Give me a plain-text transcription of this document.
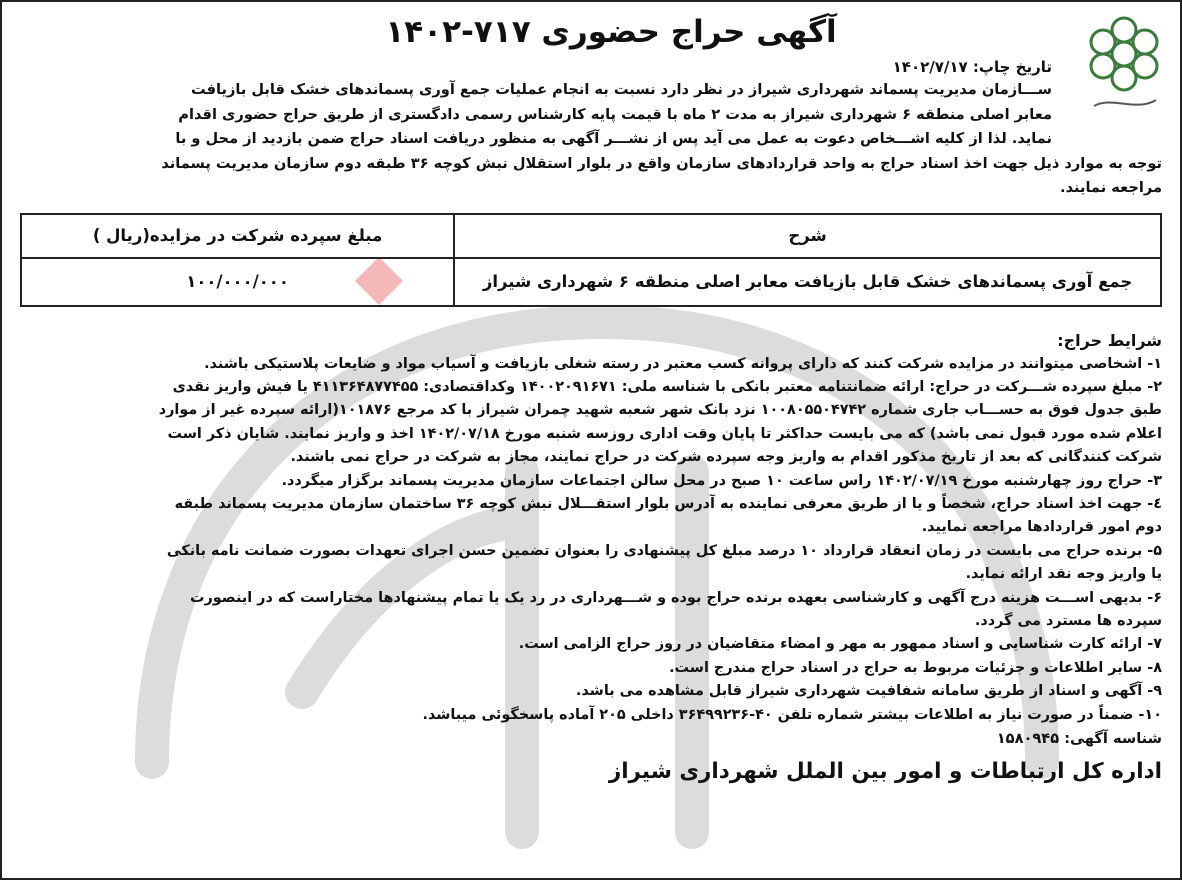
آگهی حراج حضوری ۷۱۷-۱۴۰۲

تاریخ چاپ: ۱۴۰۲/۷/۱۷

ســـازمان مدیریت پسماند شهرداری شیراز در نظر دارد نسبت به انجام عملیات جمع آوری پسماندهای خشک قابل بازیافت

معابر اصلی منطقه ۶ شهرداری شیراز به مدت ۲ ماه با قیمت پایه کارشناس رسمی دادگستری از طریق حراج حضوری اقدام

نماید. لذا از کلیه اشـــخاص دعوت به عمل می آید پس از نشـــر آگهی به منظور دریافت اسناد حراج ضمن بازدید از محل و با

توجه به موارد ذیل جهت اخذ اسناد حراج به واحد قراردادهای سازمان واقع در بلوار استقلال نبش کوچه ۳۶ طبقه دوم سازمان مدیریت پسماند

مراجعه نمایند.

شرح	مبلغ سپرده شرکت در مزایده(ریال )
جمع آوری پسماندهای خشک قابل بازیافت معابر اصلی منطقه ۶ شهرداری شیراز	۱۰۰/۰۰۰/۰۰۰

شرایط حراج:

۱- اشخاصی میتوانند در مزایده شرکت کنند که دارای پروانه کسب معتبر در رسته شغلی بازیافت و آسیاب مواد و ضایعات پلاستیکی باشند.

۲- مبلغ سپرده شـــرکت در حراج: ارائه ضمانتنامه معتبر بانکی با شناسه ملی: ۱۴۰۰۲۰۹۱۶۷۱ وکداقتصادی: ۴۱۱۳۶۴۸۷۷۴۵۵ یا فیش واریز نقدی

طبق جدول فوق به حســـاب جاری شماره ۱۰۰۸۰۵۵۰۴۷۴۲ نزد بانک شهر شعبه شهید چمران شیراز با کد مرجع ۱۰۱۸۷۶(ارائه سپرده غیر از موارد

اعلام شده مورد قبول نمی باشد) که می بایست حداکثر تا پایان وقت اداری روزسه شنبه مورخ ۱۴۰۲/۰۷/۱۸ اخذ و واریز نمایند. شایان ذکر است

شرکت کنندگانی که بعد از تاریخ مذکور اقدام به واریز وجه سپرده شرکت در حراج نمایند، مجاز به شرکت در حراج نمی باشند.

۳- حراج روز چهارشنبه مورخ ۱۴۰۲/۰۷/۱۹ راس ساعت ۱۰ صبح در محل سالن اجتماعات سازمان مدیریت پسماند برگزار میگردد.

٤- جهت اخذ اسناد حراج، شخصاً و یا از طریق معرفی نماینده به آدرس بلوار استقـــلال نبش کوچه ۳۶ ساختمان سازمان مدیریت پسماند طبقه

دوم امور قراردادها مراجعه نمایید.

۵- برنده حراج می بایست در زمان انعقاد قرارداد ۱۰ درصد مبلغ کل پیشنهادی را بعنوان تضمین حسن اجرای تعهدات بصورت ضمانت نامه بانکی

یا واریز وجه نقد ارائه نماید.

۶- بدیهی اســـت هزینه درج آگهی و کارشناسی بعهده برنده حراج بوده و شـــهرداری در رد یک یا تمام پیشنهادها مختاراست که در اینصورت

سپرده ها مسترد می گردد.

۷- ارائه کارت شناسایی و اسناد ممهور به مهر و امضاء متقاضیان در روز حراج الزامی است.

۸- سایر اطلاعات و جزئیات مربوط به حراج در اسناد حراج مندرج است.

۹- آگهی و اسناد از طریق سامانه شفافیت شهرداری شیراز قابل مشاهده می باشد.

۱۰- ضمناً در صورت نیاز به اطلاعات بیشتر شماره تلفن ۴۰-۳۶۴۹۹۲۳۶ داخلی ۲۰۵ آماده پاسخگوئی میباشد.

شناسه آگهی: ۱۵۸۰۹۴۵

اداره کل ارتباطات و امور بین الملل شهرداری شیراز
